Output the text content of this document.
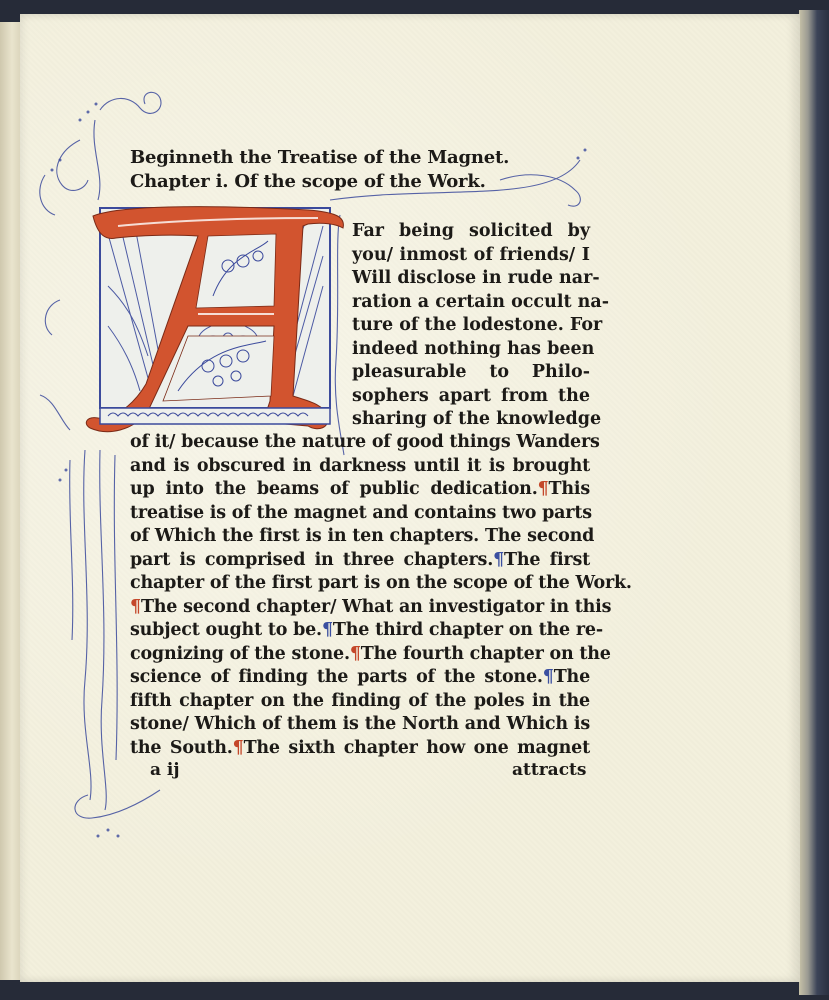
A
Beginneth the Treatise of the Magnet.
Chapter i. Of the scope of the Work.
Far being solicited by
you/ inmost of friends/ I
Will disclose in rude nar-
ration a certain occult na-
ture of the lodestone. For
indeed nothing has been
pleasurable to Philo-
sophers apart from the
sharing of the knowledge
of it/ because the nature of good things Wanders
and is obscured in darkness until it is brought
up into the beams of public dedication.¶This
treatise is of the magnet and contains two parts
of Which the first is in ten chapters. The second
part is comprised in three chapters.¶The first
chapter of the first part is on the scope of the Work.
¶The second chapter/ What an investigator in this
subject ought to be.¶The third chapter on the re-
cognizing of the stone.¶The fourth chapter on the
science of finding the parts of the stone.¶The
fifth chapter on the finding of the poles in the
stone/ Which of them is the North and Which is
the South.¶The sixth chapter how one magnet
a ij	attracts
